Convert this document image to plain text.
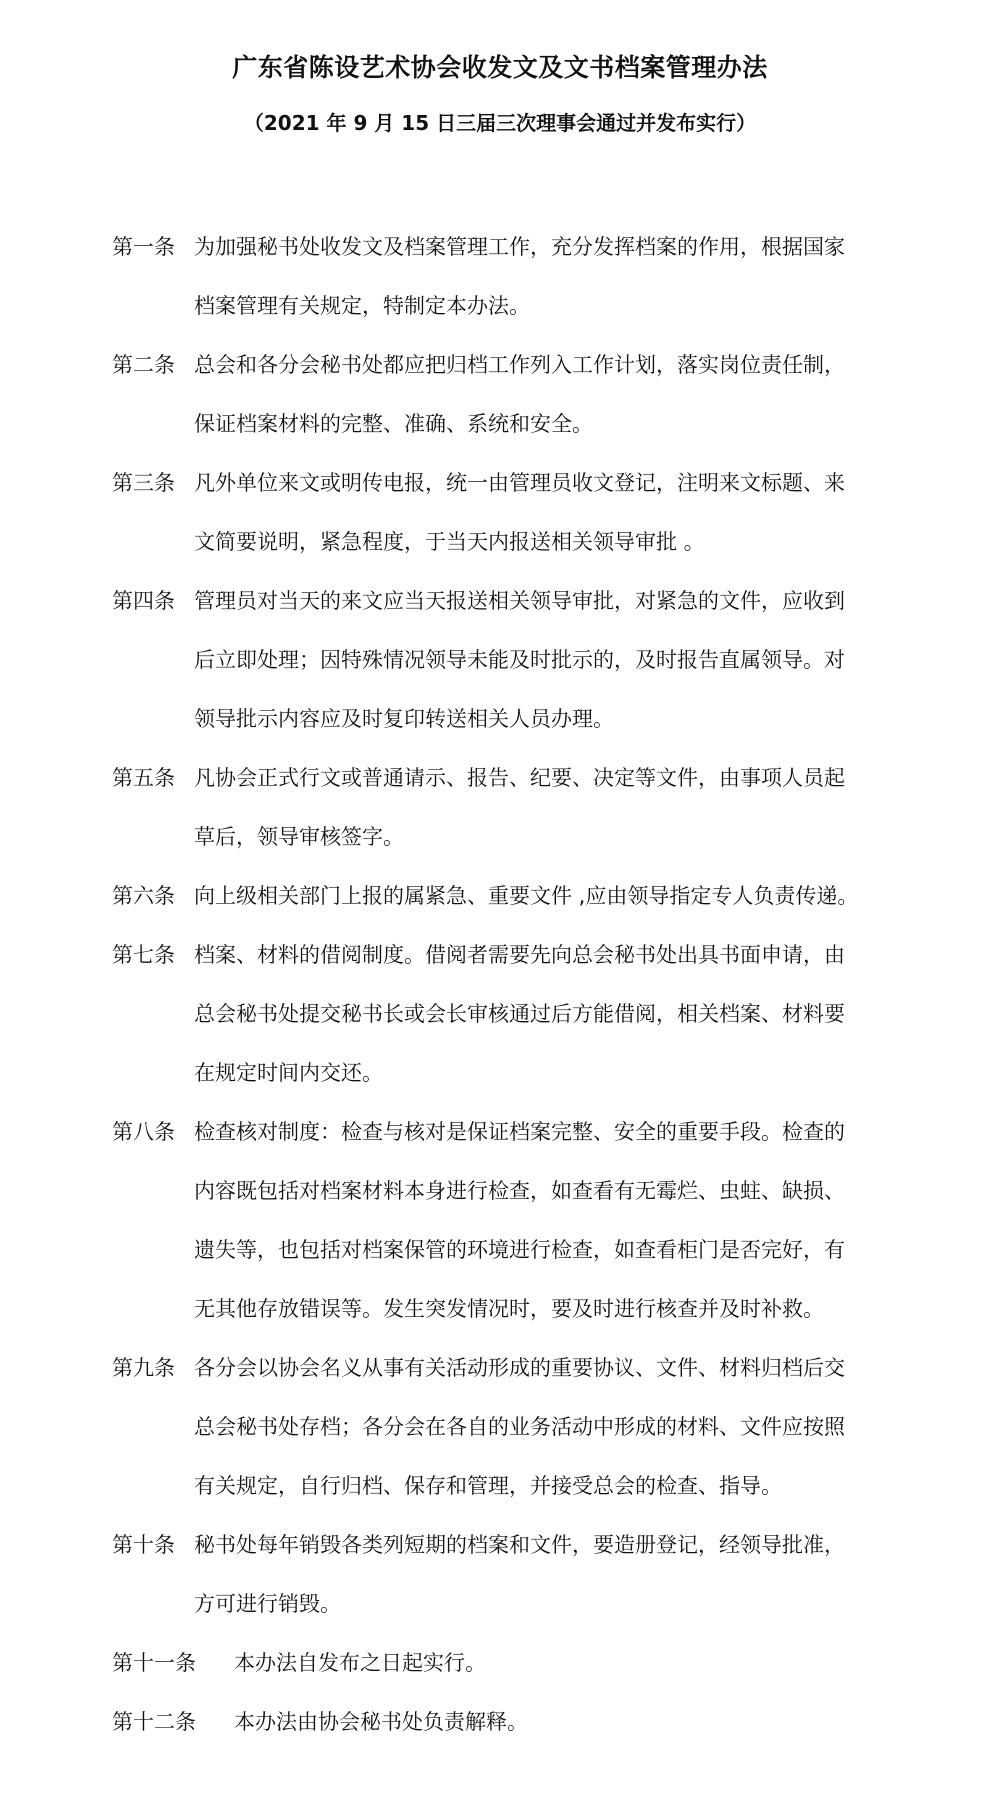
广东省陈设艺术协会收发文及文书档案管理办法
（2021 年 9 月 15 日三届三次理事会通过并发布实行）
第一条 为加强秘书处收发文及档案管理工作，充分发挥档案的作用，根据国家
档案管理有关规定，特制定本办法。
第二条 总会和各分会秘书处都应把归档工作列入工作计划，落实岗位责任制，
保证档案材料的完整、准确、系统和安全。
第三条 凡外单位来文或明传电报，统一由管理员收文登记，注明来文标题、来
文简要说明，紧急程度，于当天内报送相关领导审批 。
第四条 管理员对当天的来文应当天报送相关领导审批，对紧急的文件，应收到
后立即处理；因特殊情况领导未能及时批示的，及时报告直属领导。对
领导批示内容应及时复印转送相关人员办理。
第五条 凡协会正式行文或普通请示、报告、纪要、决定等文件，由事项人员起
草后，领导审核签字。
第六条 向上级相关部门上报的属紧急、重要文件 ,应由领导指定专人负责传递。
第七条 档案、材料的借阅制度。借阅者需要先向总会秘书处出具书面申请，由
总会秘书处提交秘书长或会长审核通过后方能借阅，相关档案、材料要
在规定时间内交还。
第八条 检查核对制度：检查与核对是保证档案完整、安全的重要手段。检查的
内容既包括对档案材料本身进行检查，如查看有无霉烂、虫蛀、缺损、
遗失等，也包括对档案保管的环境进行检查，如查看柜门是否完好，有
无其他存放错误等。发生突发情况时，要及时进行核查并及时补救。
第九条 各分会以协会名义从事有关活动形成的重要协议、文件、材料归档后交
总会秘书处存档；各分会在各自的业务活动中形成的材料、文件应按照
有关规定，自行归档、保存和管理，并接受总会的检查、指导。
第十条 秘书处每年销毁各类列短期的档案和文件，要造册登记，经领导批准，
方可进行销毁。
第十一条 本办法自发布之日起实行。
第十二条 本办法由协会秘书处负责解释。
